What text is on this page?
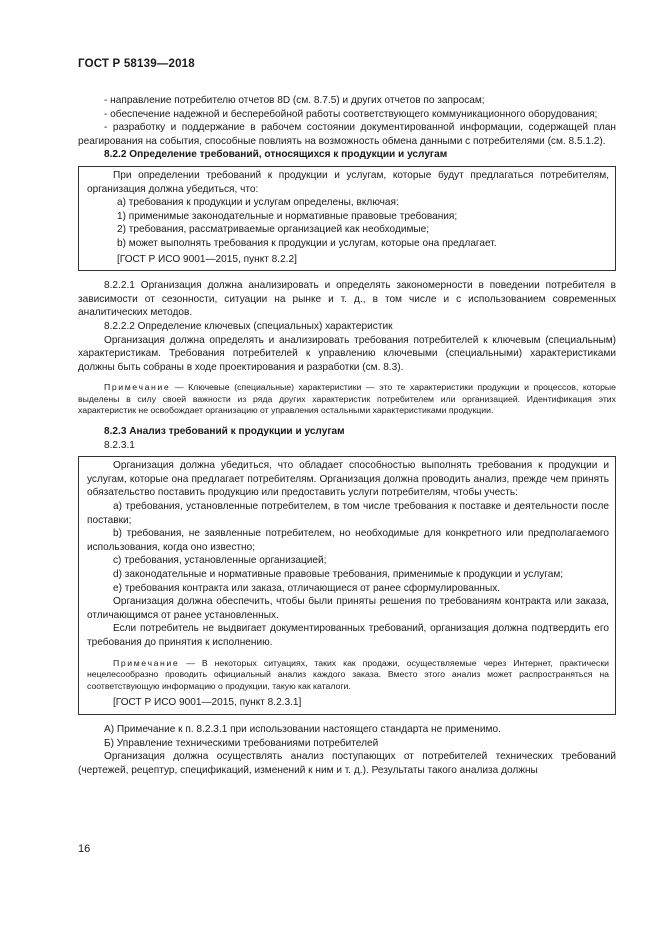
ГОСТ Р 58139—2018

- направление потребителю отчетов 8D (см. 8.7.5) и других отчетов по запросам;

- обеспечение надежной и бесперебойной работы соответствующего коммуникационного оборудования;

- разработку и поддержание в рабочем состоянии документированной информации, содержащей план реагирования на события, способные повлиять на возможность обмена данными с потребителями (см. 8.5.1.2).

8.2.2 Определение требований, относящихся к продукции и услугам

При определении требований к продукции и услугам, которые будут предлагаться потребителям, организация должна убедиться, что:

а) требования к продукции и услугам определены, включая:

1) применимые законодательные и нормативные правовые требования;

2) требования, рассматриваемые организацией как необходимые;

b) может выполнять требования к продукции и услугам, которые она предлагает.

[ГОСТ Р ИСО 9001—2015, пункт 8.2.2]

8.2.2.1 Организация должна анализировать и определять закономерности в поведении потребителя в зависимости от сезонности, ситуации на рынке и т. д., в том числе и с использованием современных аналитических методов.

8.2.2.2 Определение ключевых (специальных) характеристик

Организация должна определять и анализировать требования потребителей к ключевым (специальным) характеристикам. Требования потребителей к управлению ключевыми (специальными) характеристиками должны быть собраны в ходе проектирования и разработки (см. 8.3).

Примечание — Ключевые (специальные) характеристики — это те характеристики продукции и процессов, которые выделены в силу своей важности из ряда других характеристик потребителем или организацией. Идентификация этих характеристик не освобождает организацию от управления остальными характеристиками продукции.

8.2.3 Анализ требований к продукции и услугам

8.2.3.1

Организация должна убедиться, что обладает способностью выполнять требования к продукции и услугам, которые она предлагает потребителям. Организация должна проводить анализ, прежде чем принять обязательство поставить продукцию или предоставить услуги потребителям, чтобы учесть:

а) требования, установленные потребителем, в том числе требования к поставке и деятельности после поставки;

b) требования, не заявленные потребителем, но необходимые для конкретного или предполагаемого использования, когда оно известно;

c) требования, установленные организацией;

d) законодательные и нормативные правовые требования, применимые к продукции и услугам;

e) требования контракта или заказа, отличающиеся от ранее сформулированных.

Организация должна обеспечить, чтобы были приняты решения по требованиям контракта или заказа, отличающимся от ранее установленных.

Если потребитель не выдвигает документированных требований, организация должна подтвердить его требования до принятия к исполнению.

Примечание — В некоторых ситуациях, таких как продажи, осуществляемые через Интернет, практически нецелесообразно проводить официальный анализ каждого заказа. Вместо этого анализ может распространяться на соответствующую информацию о продукции, такую как каталоги.

[ГОСТ Р ИСО 9001—2015, пункт 8.2.3.1]

А) Примечание к п. 8.2.3.1 при использовании настоящего стандарта не применимо.

Б) Управление техническими требованиями потребителей

Организация должна осуществлять анализ поступающих от потребителей технических требований (чертежей, рецептур, спецификаций, изменений к ним и т. д.). Результаты такого анализа должны

16
